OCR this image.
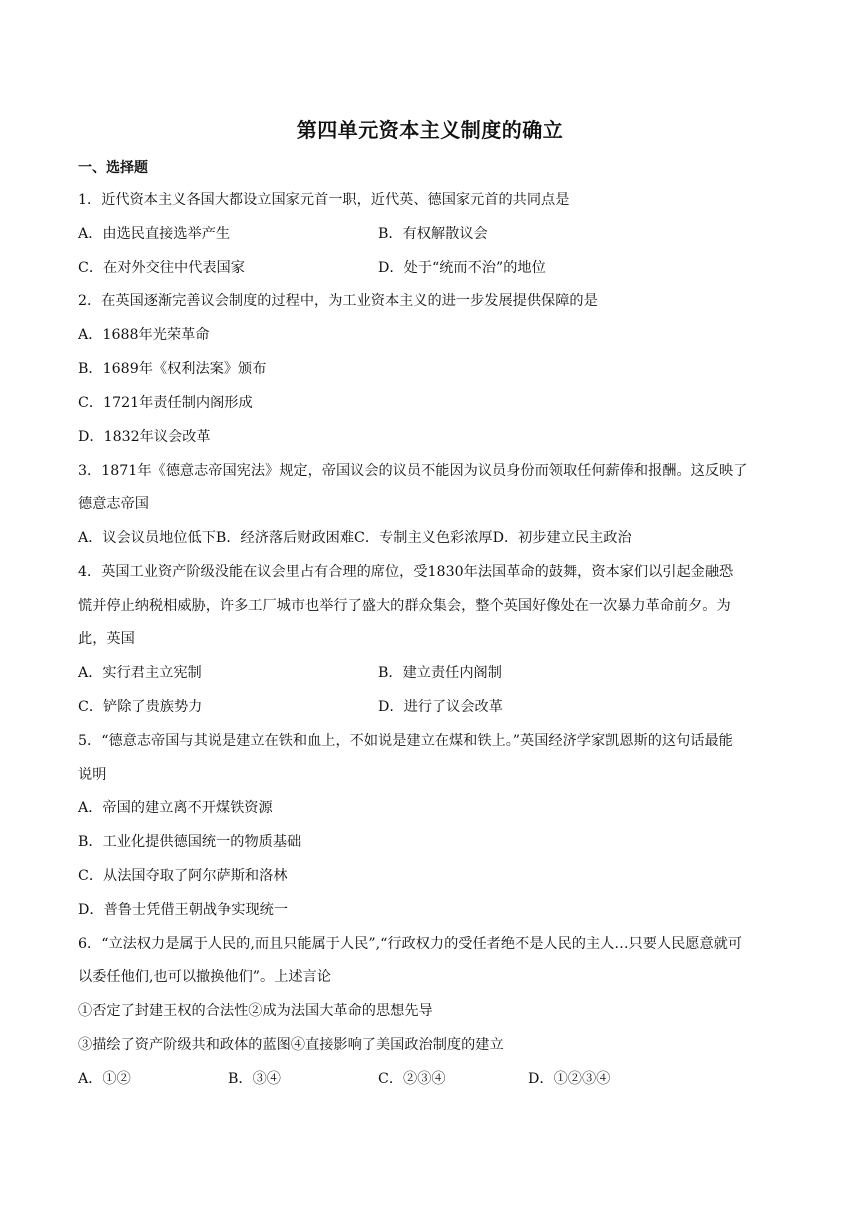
第四单元资本主义制度的确立
一、选择题
1．近代资本主义各国大都设立国家元首一职，近代英、德国家元首的共同点是
A．由选民直接选举产生	B．有权解散议会
C．在对外交往中代表国家	D．处于“统而不治”的地位
2．在英国逐渐完善议会制度的过程中，为工业资本主义的进一步发展提供保障的是
A．1688年光荣革命
B．1689年《权利法案》颁布
C．1721年责任制内阁形成
D．1832年议会改革
3．1871年《德意志帝国宪法》规定，帝国议会的议员不能因为议员身份而领取任何薪俸和报酬。这反映了
德意志帝国
A．议会议员地位低下B．经济落后财政困难C．专制主义色彩浓厚D．初步建立民主政治
4．英国工业资产阶级没能在议会里占有合理的席位，受1830年法国革命的鼓舞，资本家们以引起金融恐
慌并停止纳税相威胁，许多工厂城市也举行了盛大的群众集会，整个英国好像处在一次暴力革命前夕。为
此，英国
A．实行君主立宪制	B．建立责任内阁制
C．铲除了贵族势力	D．进行了议会改革
5．“德意志帝国与其说是建立在铁和血上，不如说是建立在煤和铁上。”英国经济学家凯恩斯的这句话最能
说明
A．帝国的建立离不开煤铁资源
B．工业化提供德国统一的物质基础
C．从法国夺取了阿尔萨斯和洛林
D．普鲁士凭借王朝战争实现统一
6．“立法权力是属于人民的,而且只能属于人民”,“行政权力的受任者绝不是人民的主人…只要人民愿意就可
以委任他们,也可以撤换他们”。上述言论
①否定了封建王权的合法性②成为法国大革命的思想先导
③描绘了资产阶级共和政体的蓝图④直接影响了美国政治制度的建立
A．①②	B．③④	C．②③④	D．①②③④
